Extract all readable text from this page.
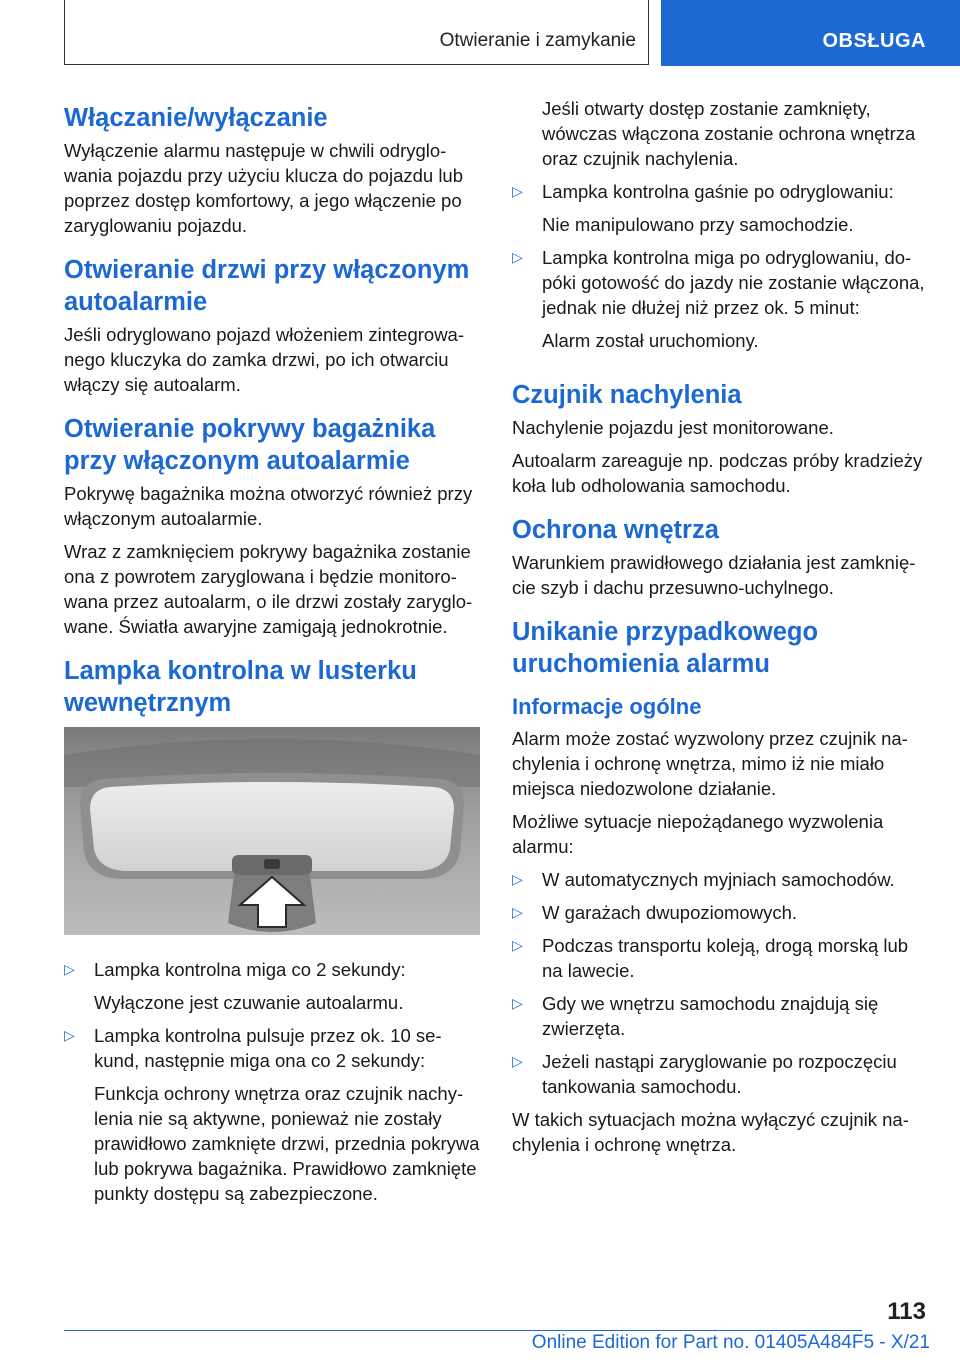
Otwieranie i zamykanie	OBSŁUGA
Włączanie/wyłączanie

Wyłączenie alarmu następuje w chwili odryglowania pojazdu przy użyciu klucza do pojazdu lub poprzez dostęp komfortowy, a jego włączenie po zaryglowaniu pojazdu.

Otwieranie drzwi przy włączonym autoalarmie

Jeśli odryglowano pojazd włożeniem zintegrowanego kluczyka do zamka drzwi, po ich otwarciu włączy się autoalarm.

Otwieranie pokrywy bagażnika przy włączonym autoalarmie

Pokrywę bagażnika można otworzyć również przy włączonym autoalarmie.

Wraz z zamknięciem pokrywy bagażnika zostanie ona z powrotem zaryglowana i będzie monitorowana przez autoalarm, o ile drzwi zostały zaryglowane. Światła awaryjne zamigają jednokrotnie.

Lampka kontrolna w lusterku wewnętrznym
▷ Lampka kontrolna miga co 2 sekundy:
Wyłączone jest czuwanie autoalarmu.
▷ Lampka kontrolna pulsuje przez ok. 10 sekund, następnie miga ona co 2 sekundy:
Funkcja ochrony wnętrza oraz czujnik nachylenia nie są aktywne, ponieważ nie zostały prawidłowo zamknięte drzwi, przednia pokrywa lub pokrywa bagażnika. Prawidłowo zamknięte punkty dostępu są zabezpieczone.

Jeśli otwarty dostęp zostanie zamknięty, wówczas włączona zostanie ochrona wnętrza oraz czujnik nachylenia.

▷ Lampka kontrolna gaśnie po odryglowaniu:
Nie manipulowano przy samochodzie.
▷ Lampka kontrolna miga po odryglowaniu, dopóki gotowość do jazdy nie zostanie włączona, jednak nie dłużej niż przez ok. 5 minut:
Alarm został uruchomiony.
Czujnik nachylenia

Nachylenie pojazdu jest monitorowane.

Autoalarm zareaguje np. podczas próby kradzieży koła lub odholowania samochodu.

Ochrona wnętrza

Warunkiem prawidłowego działania jest zamknięcie szyb i dachu przesuwno-uchylnego.

Unikanie przypadkowego uruchomienia alarmu
Informacje ogólne

Alarm może zostać wyzwolony przez czujnik nachylenia i ochronę wnętrza, mimo iż nie miało miejsca niedozwolone działanie.

Możliwe sytuacje niepożądanego wyzwolenia alarmu:

▷ W automatycznych myjniach samochodów.
▷ W garażach dwupoziomowych.
▷ Podczas transportu koleją, drogą morską lub na lawecie.
▷ Gdy we wnętrzu samochodu znajdują się zwierzęta.
▷ Jeżeli nastąpi zaryglowanie po rozpoczęciu tankowania samochodu.

W takich sytuacjach można wyłączyć czujnik nachylenia i ochronę wnętrza.

113
Online Edition for Part no. 01405A484F5 - X/21
